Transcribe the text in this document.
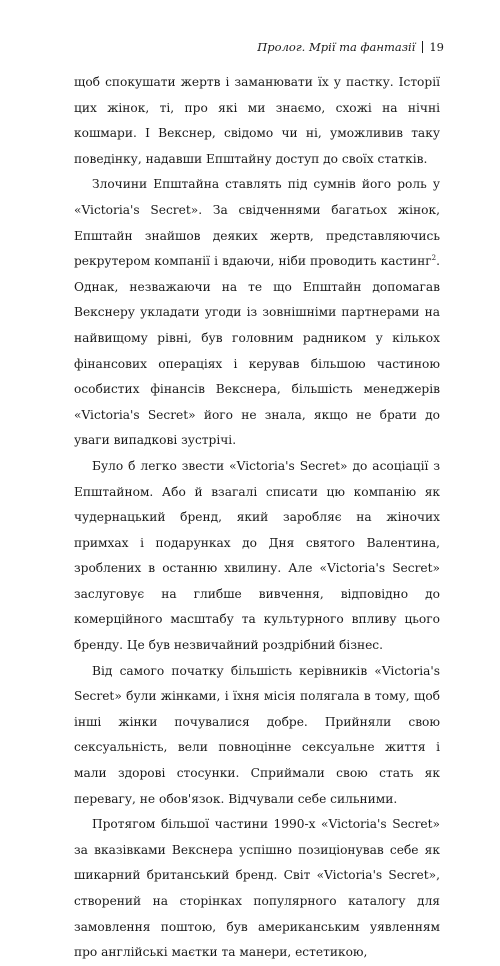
Пролог. Мрії та фантазії 19

щоб спокушати жертв і заманювати їх у пастку. Історії цих жінок, ті, про які ми знаємо, схожі на нічні кошмари. І Векснер, свідомо чи ні, уможливив таку поведінку, надавши Епштайну доступ до своїх статків.

Злочини Епштайна ставлять під сумнів його роль у «Victoria's Secret». За свідченнями багатьох жінок, Епштайн знайшов деяких жертв, представляючись рекрутером компанії і вдаючи, ніби проводить кастинг$^2$. Однак, незважаючи на те що Епштайн допомагав Векснеру укладати угоди із зовнішніми партнерами на найвищому рівні, був головним радником у кількох фінансових операціях і керував більшою частиною особистих фінансів Векснера, більшість менеджерів «Victoria's Secret» його не знала, якщо не брати до уваги випадкові зустрічі.

Було б легко звести «Victoria's Secret» до асоціації з Епштайном. Або й взагалі списати цю компанію як чудернацький бренд, який заробляє на жіночих примхах і подарунках до Дня святого Валентина, зроблених в останню хвилину. Але «Victoria's Secret» заслуговує на глибше вивчення, відповідно до комерційного масштабу та культурного впливу цього бренду. Це був незвичайний роздрібний бізнес.

Від самого початку більшість керівників «Victoria's Secret» були жінками, і їхня місія полягала в тому, щоб інші жінки почувалися добре. Прийняли свою сексуальність, вели повноцінне сексуальне життя і мали здорові стосунки. Сприймали свою стать як перевагу, не обов'язок. Відчували себе сильними.

Протягом більшої частини 1990-х «Victoria's Secret» за вказівками Векснера успішно позиціонував себе як шикарний британський бренд. Світ «Victoria's Secret», створений на сторінках популярного каталогу для замовлення поштою, був американським уявленням про англійські маєтки та манери, естетикою,
